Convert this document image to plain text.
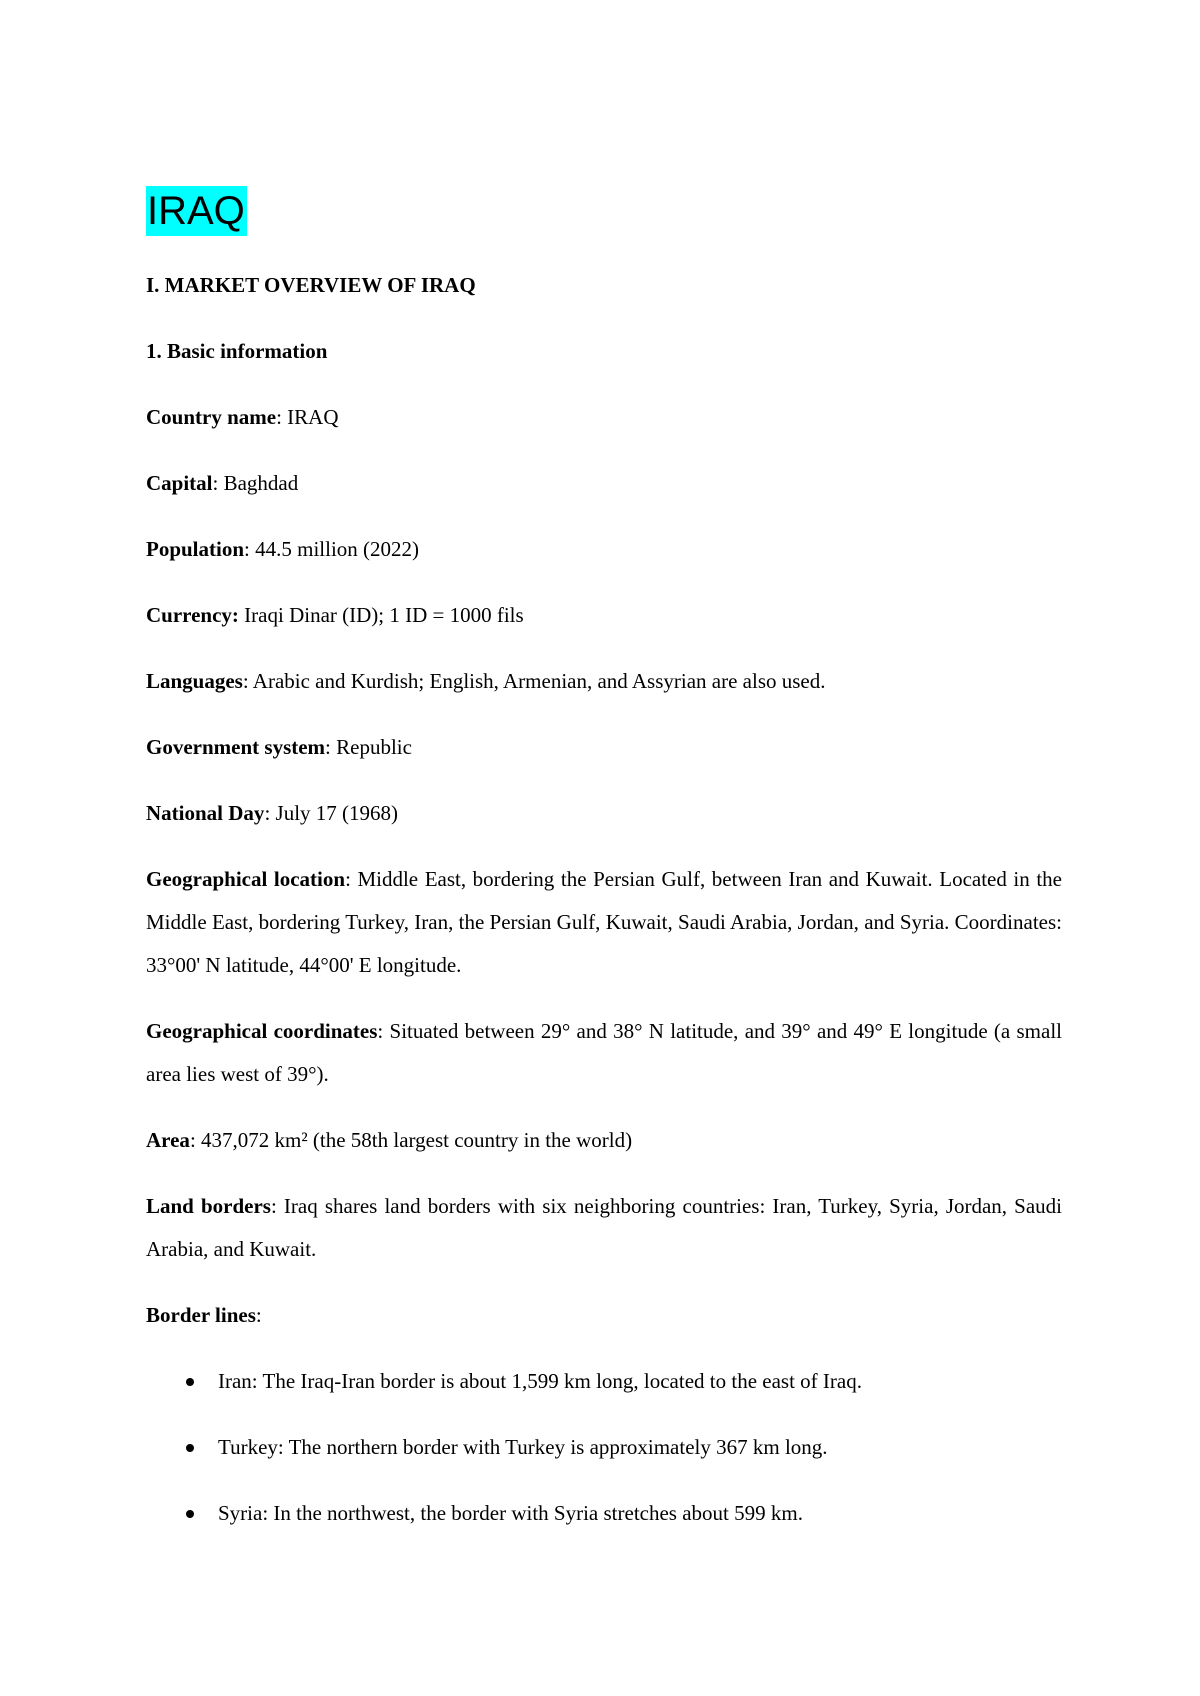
IRAQ

I. MARKET OVERVIEW OF IRAQ

1. Basic information

Country name: IRAQ

Capital: Baghdad

Population: 44.5 million (2022)

Currency: Iraqi Dinar (ID); 1 ID = 1000 fils

Languages: Arabic and Kurdish; English, Armenian, and Assyrian are also used.

Government system: Republic

National Day: July 17 (1968)

Geographical location: Middle East, bordering the Persian Gulf, between Iran and Kuwait. Located in the Middle East, bordering Turkey, Iran, the Persian Gulf, Kuwait, Saudi Arabia, Jordan, and Syria. Coordinates: 33°00' N latitude, 44°00' E longitude.

Geographical coordinates: Situated between 29° and 38° N latitude, and 39° and 49° E longitude (a small area lies west of 39°).

Area: 437,072 km² (the 58th largest country in the world)

Land borders: Iraq shares land borders with six neighboring countries: Iran, Turkey, Syria, Jordan, Saudi Arabia, and Kuwait.

Border lines:

Iran: The Iraq-Iran border is about 1,599 km long, located to the east of Iraq.
Turkey: The northern border with Turkey is approximately 367 km long.
Syria: In the northwest, the border with Syria stretches about 599 km.
